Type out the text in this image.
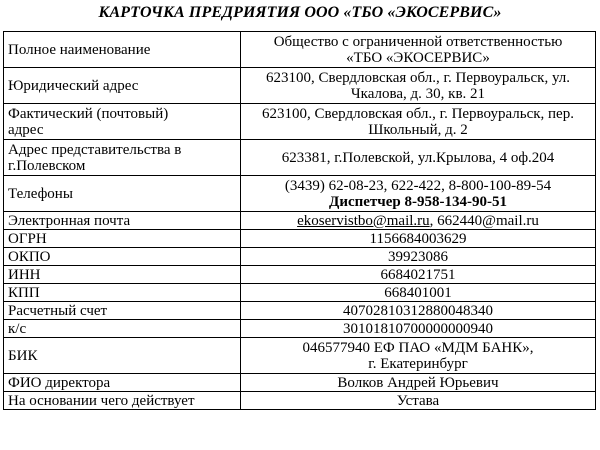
КАРТОЧКА ПРЕДРИЯТИЯ ООО «ТБО «ЭКОСЕРВИС»
Полное наименование	Общество с ограниченной ответственностью
«ТБО «ЭКОСЕРВИС»

Юридический адрес	623100, Свердловская обл., г. Первоуральск, ул.
Чкалова, д. 30, кв. 21

Фактический (почтовый)
адрес	623100, Свердловская обл., г. Первоуральск, пер.
Школьный, д. 2

Адрес представительства в
г.Полевском	623381, г.Полевской, ул.Крылова, 4 оф.204
Телефоны	(3439) 62-08-23, 622-422, 8-800-100-89-54
Диспетчер 8-958-134-90-51

Электронная почта	ekoservistbo@mail.ru, 662440@mail.ru
ОГРН	1156684003629
ОКПО	39923086
ИНН	6684021751
КПП	668401001
Расчетный счет	40702810312880048340
к/с	30101810700000000940
БИК	046577940 ЕФ ПАО «МДМ БАНК»,
г. Екатеринбург

ФИО директора	Волков Андрей Юрьевич
На основании чего действует	Устава
